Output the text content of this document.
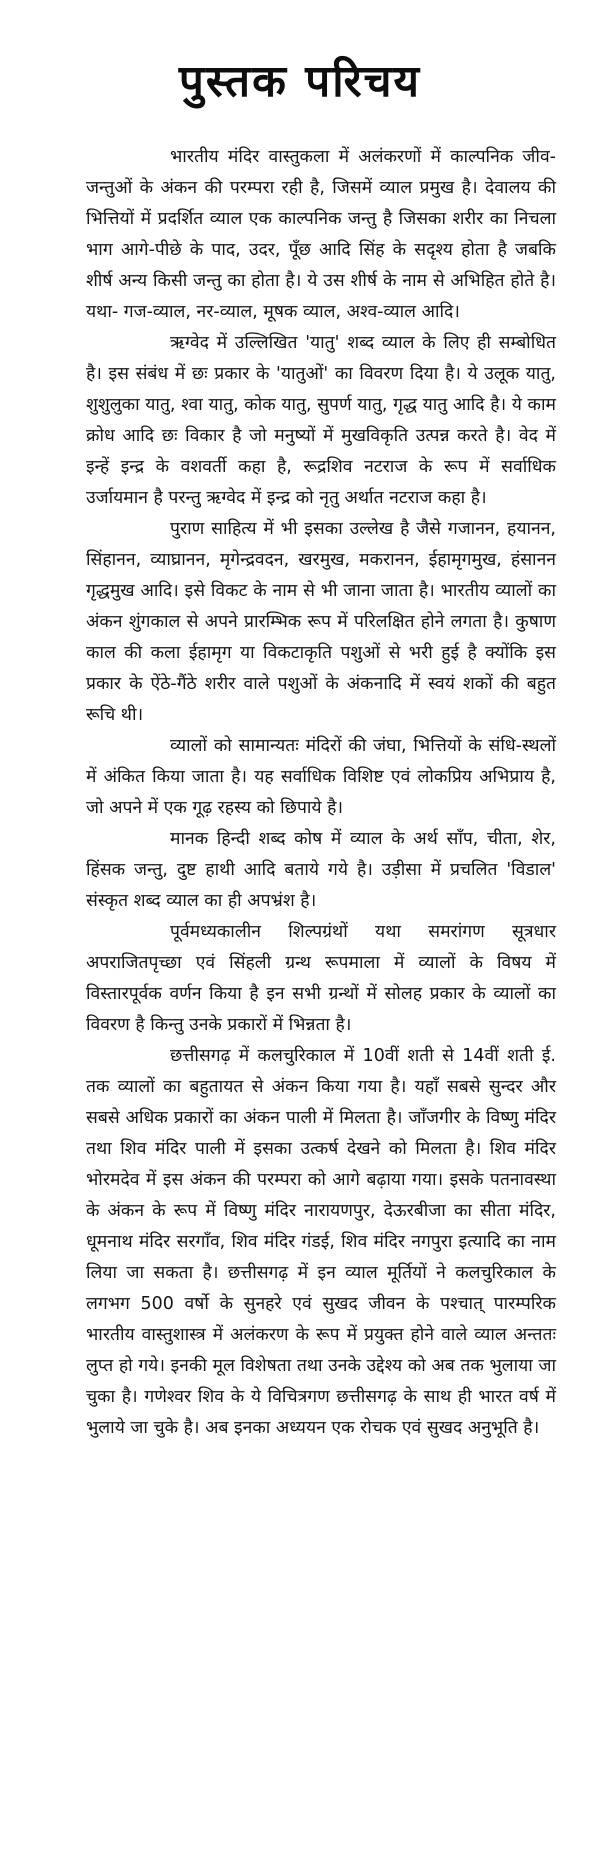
पुस्तक परिचय

भारतीय मंदिर वास्तुकला में अलंकरणों में काल्पनिक जीव-जन्तुओं के अंकन की परम्परा रही है, जिसमें व्याल प्रमुख है। देवालय की भित्तियों में प्रदर्शित व्याल एक काल्पनिक जन्तु है जिसका शरीर का निचला भाग आगे-पीछे के पाद, उदर, पूँछ आदि सिंह के सदृश्य होता है जबकि शीर्ष अन्य किसी जन्तु का होता है। ये उस शीर्ष के नाम से अभिहित होते है। यथा- गज-व्याल, नर-व्याल, मूषक व्याल, अश्व-व्याल आदि।

ऋग्वेद में उल्लिखित 'यातु' शब्द व्याल के लिए ही सम्बोधित है। इस संबंध में छः प्रकार के 'यातुओं' का विवरण दिया है। ये उलूक यातु, शुशुलुका यातु, श्वा यातु, कोक यातु, सुपर्ण यातु, गृद्ध यातु आदि है। ये काम क्रोध आदि छः विकार है जो मनुष्यों में मुखविकृति उत्पन्न करते है। वेद में इन्हें इन्द्र के वशवर्ती कहा है, रूद्रशिव नटराज के रूप में सर्वाधिक उर्जायमान है परन्तु ऋग्वेद में इन्द्र को नृतु अर्थात नटराज कहा है।

पुराण साहित्य में भी इसका उल्लेख है जैसे गजानन, हयानन, सिंहानन, व्याघ्रानन, मृगेन्द्रवदन, खरमुख, मकरानन, ईहामृगमुख, हंसानन गृद्धमुख आदि। इसे विकट के नाम से भी जाना जाता है। भारतीय व्यालों का अंकन शुंगकाल से अपने प्रारम्भिक रूप में परिलक्षित होने लगता है। कुषाण काल की कला ईहामृग या विकटाकृति पशुओं से भरी हुई है क्योंकि इस प्रकार के ऐंठे-गैंठे शरीर वाले पशुओं के अंकनादि में स्वयं शकों की बहुत रूचि थी।

व्यालों को सामान्यतः मंदिरों की जंघा, भित्तियों के संधि-स्थलों में अंकित किया जाता है। यह सर्वाधिक विशिष्ट एवं लोकप्रिय अभिप्राय है, जो अपने में एक गूढ़ रहस्य को छिपाये है।

मानक हिन्दी शब्द कोष में व्याल के अर्थ साँप, चीता, शेर, हिंसक जन्तु, दुष्ट हाथी आदि बताये गये है। उड़ीसा में प्रचलित 'विडाल' संस्कृत शब्द व्याल का ही अपभ्रंश है।

पूर्वमध्यकालीन शिल्पग्रंथों यथा समरांगण सूत्रधार अपराजितपृच्छा एवं सिंहली ग्रन्थ रूपमाला में व्यालों के विषय में विस्तारपूर्वक वर्णन किया है इन सभी ग्रन्थों में सोलह प्रकार के व्यालों का विवरण है किन्तु उनके प्रकारों में भिन्नता है।

छत्तीसगढ़ में कलचुरिकाल में 10वीं शती से 14वीं शती ई. तक व्यालों का बहुतायत से अंकन किया गया है। यहाँ सबसे सुन्दर और सबसे अधिक प्रकारों का अंकन पाली में मिलता है। जाँजगीर के विष्णु मंदिर तथा शिव मंदिर पाली में इसका उत्कर्ष देखने को मिलता है। शिव मंदिर भोरमदेव में इस अंकन की परम्परा को आगे बढ़ाया गया। इसके पतनावस्था के अंकन के रूप में विष्णु मंदिर नारायणपुर, देऊरबीजा का सीता मंदिर, धूमनाथ मंदिर सरगाँव, शिव मंदिर गंडई, शिव मंदिर नगपुरा इत्यादि का नाम लिया जा सकता है। छत्तीसगढ़ में इन व्याल मूर्तियों ने कलचुरिकाल के लगभग 500 वर्षो के सुनहरे एवं सुखद जीवन के पश्चात् पारम्परिक भारतीय वास्तुशास्त्र में अलंकरण के रूप में प्रयुक्त होने वाले व्याल अन्ततः लुप्त हो गये। इनकी मूल विशेषता तथा उनके उद्देश्य को अब तक भुलाया जा चुका है। गणेश्वर शिव के ये विचित्रगण छत्तीसगढ़ के साथ ही भारत वर्ष में भुलाये जा चुके है। अब इनका अध्ययन एक रोचक एवं सुखद अनुभूति है।
